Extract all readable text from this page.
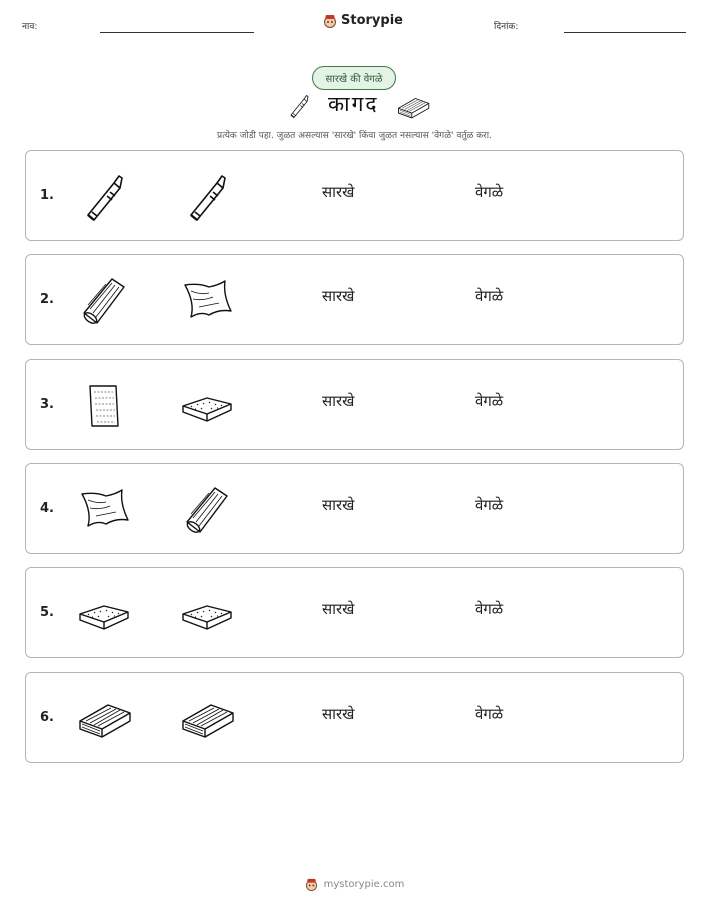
नाव:	Storypie	दिनांक:
सारखे की वेगळे
कागद
प्रत्येक जोडी पहा. जुळत असल्यास 'सारखे' किंवा जुळत नसल्यास 'वेगळे' वर्तुळ करा.
1.	सारखे	वेगळे
2.	सारखे	वेगळे
3.	सारखे	वेगळे
4.	सारखे	वेगळे
5.	सारखे	वेगळे
6.	सारखे	वेगळे
mystorypie.com
